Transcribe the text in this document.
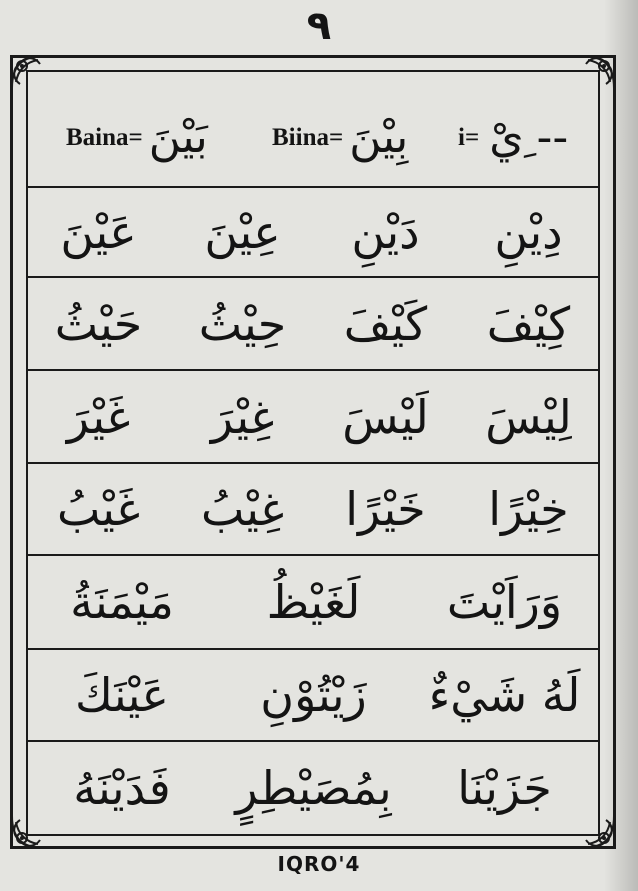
٩
Baina= بَيْنَ	Biina= بِيْنَ i= -- ِيْ
دِيْنِ
دَيْنِ
عِيْنَ
عَيْنَ
كِيْفَ
كَيْفَ
حِيْثُ
حَيْثُ
لِيْسَ
لَيْسَ
غِيْرَ
غَيْرَ
خِيْرًا
خَيْرًا
غِيْبُ
غَيْبُ
وَرَاَيْتَ
لَغَيْظُ
مَيْمَنَةُ
لَهُ شَيْءٌ
زَيْتُوْنِ
عَيْنَكَ
جَزَيْنَا
بِمُصَيْطِرٍ
فَدَيْنَهُ
IQRO'4
